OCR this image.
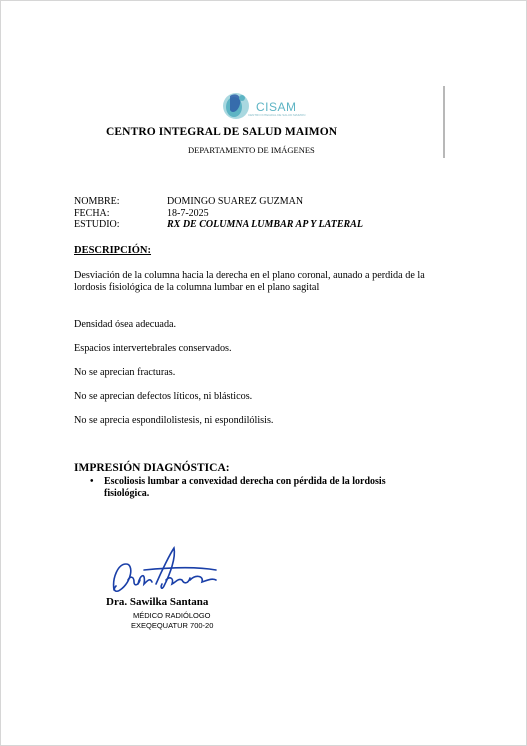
CISAM
CENTRO INTEGRAL DE SALUD MAIMON
CENTRO INTEGRAL DE SALUD MAIMON
DEPARTAMENTO DE IMÁGENES
NOMBRE:	DOMINGO SUAREZ GUZMAN
FECHA:	18-7-2025
ESTUDIO:	RX DE COLUMNA LUMBAR AP Y LATERAL
DESCRIPCIÓN:
Desviación de la columna hacia la derecha en el plano coronal, aunado a perdida de la lordosis fisiológica de la columna lumbar en el plano sagital
Densidad ósea adecuada.
Espacios intervertebrales conservados.
No se aprecian fracturas.
No se aprecian defectos líticos, ni blásticos.
No se aprecia espondilolistesis, ni espondilólisis.
IMPRESIÓN DIAGNÓSTICA:
•	Escoliosis lumbar a convexidad derecha con pérdida de la lordosis fisiológica.
Dra. Sawilka Santana
MÉDICO RADIÓLOGO
EXEQEQUATUR 700-20
